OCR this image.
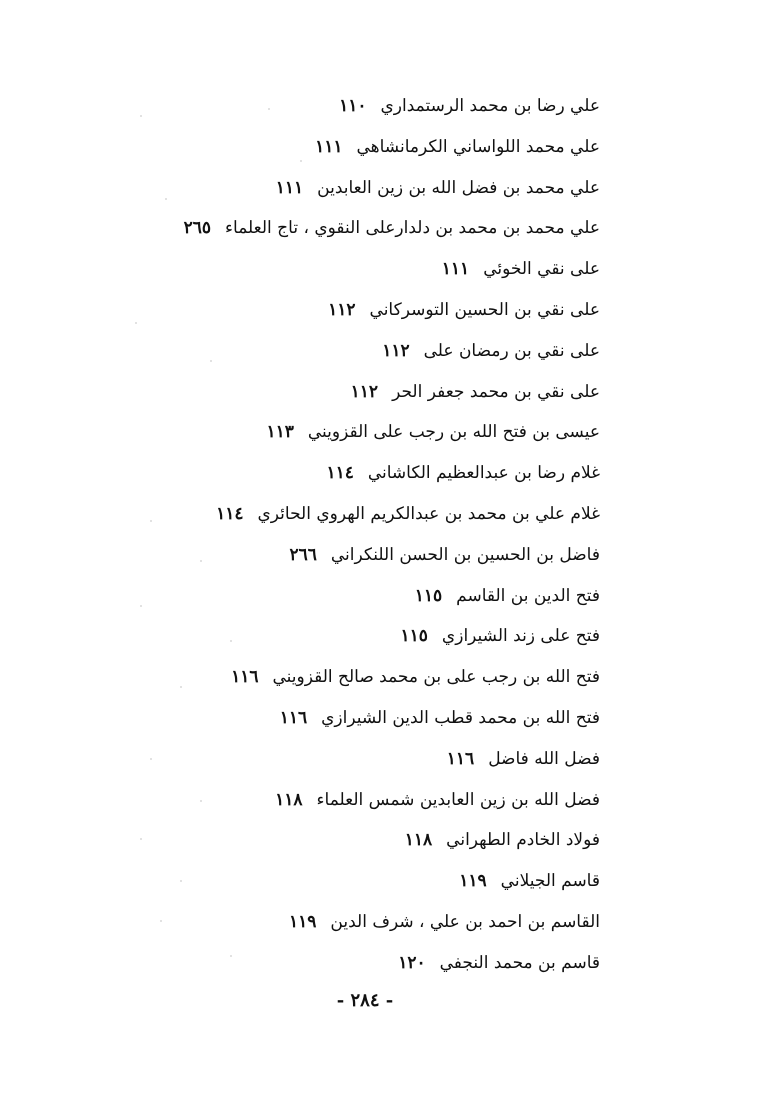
علي رضا بن محمد الرستمداري١١٠
علي محمد اللواساني الكرمانشاهي١١١
علي محمد بن فضل الله بن زين العابدين١١١
علي محمد بن محمد بن دلدارعلى النقوي ، تاج العلماء٢٦٥
على نقي الخوئي١١١
على نقي بن الحسين التوسركاني١١٢
على نقي بن رمضان على١١٢
على نقي بن محمد جعفر الحر١١٢
عيسى بن فتح الله بن رجب على القزويني١١٣
غلام رضا بن عبدالعظيم الكاشاني١١٤
غلام علي بن محمد بن عبدالكريم الهروي الحائري١١٤
فاضل بن الحسين بن الحسن اللنكراني٢٦٦
فتح الدين بن القاسم١١٥
فتح على زند الشيرازي١١٥
فتح الله بن رجب على بن محمد صالح القزويني١١٦
فتح الله بن محمد قطب الدين الشيرازي١١٦
فضل الله فاضل١١٦
فضل الله بن زين العابدين شمس العلماء١١٨
فولاد الخادم الطهراني١١٨
قاسم الجيلاني١١٩
القاسم بن احمد بن علي ، شرف الدين١١٩
قاسم بن محمد النجفي١٢٠
- ٢٨٤ -
